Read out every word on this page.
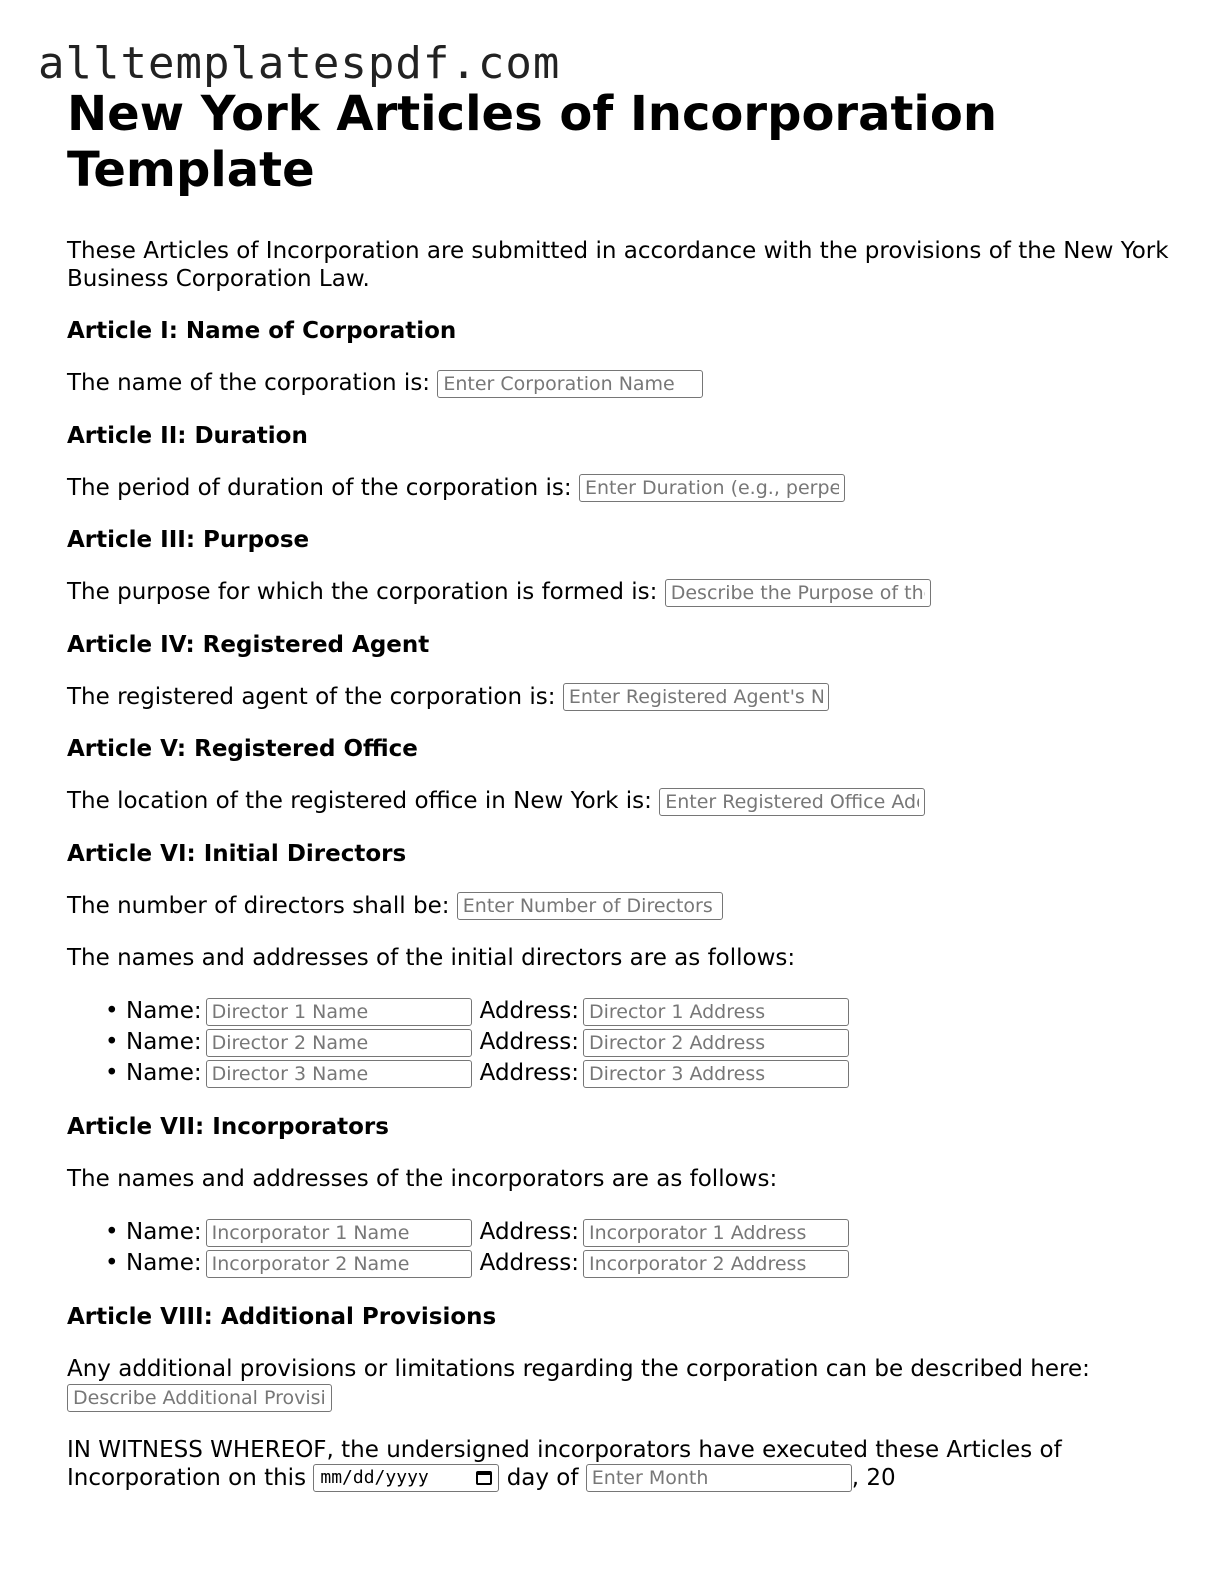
alltemplatespdf.com
New York Articles of Incorporation Template

These Articles of Incorporation are submitted in accordance with the provisions of the New York Business Corporation Law.

Article I: Name of Corporation

The name of the corporation is: Enter Corporation Name

Article II: Duration

The period of duration of the corporation is: Enter Duration (e.g., perpetual)

Article III: Purpose

The purpose for which the corporation is formed is: Describe the Purpose of the Corporation

Article IV: Registered Agent

The registered agent of the corporation is: Enter Registered Agent's Name

Article V: Registered Office

The location of the registered office in New York is: Enter Registered Office Address

Article VI: Initial Directors

The number of directors shall be: Enter Number of Directors

The names and addresses of the initial directors are as follows:

• Name:Director 1 Name	Address:Director 1 Address
• Name:Director 2 Name	Address:Director 2 Address
• Name:Director 3 Name	Address:Director 3 Address
Article VII: Incorporators

The names and addresses of the incorporators are as follows:

• Name:Incorporator 1 Name	Address:Incorporator 1 Address
• Name:Incorporator 2 Name	Address:Incorporator 2 Address
Article VIII: Additional Provisions

Any additional provisions or limitations regarding the corporation can be described here:

Describe Additional Provisions

IN WITNESS WHEREOF, the undersigned incorporators have executed these Articles of

Incorporation on this mm/dd/yyyy	day of Enter Month	, 20
